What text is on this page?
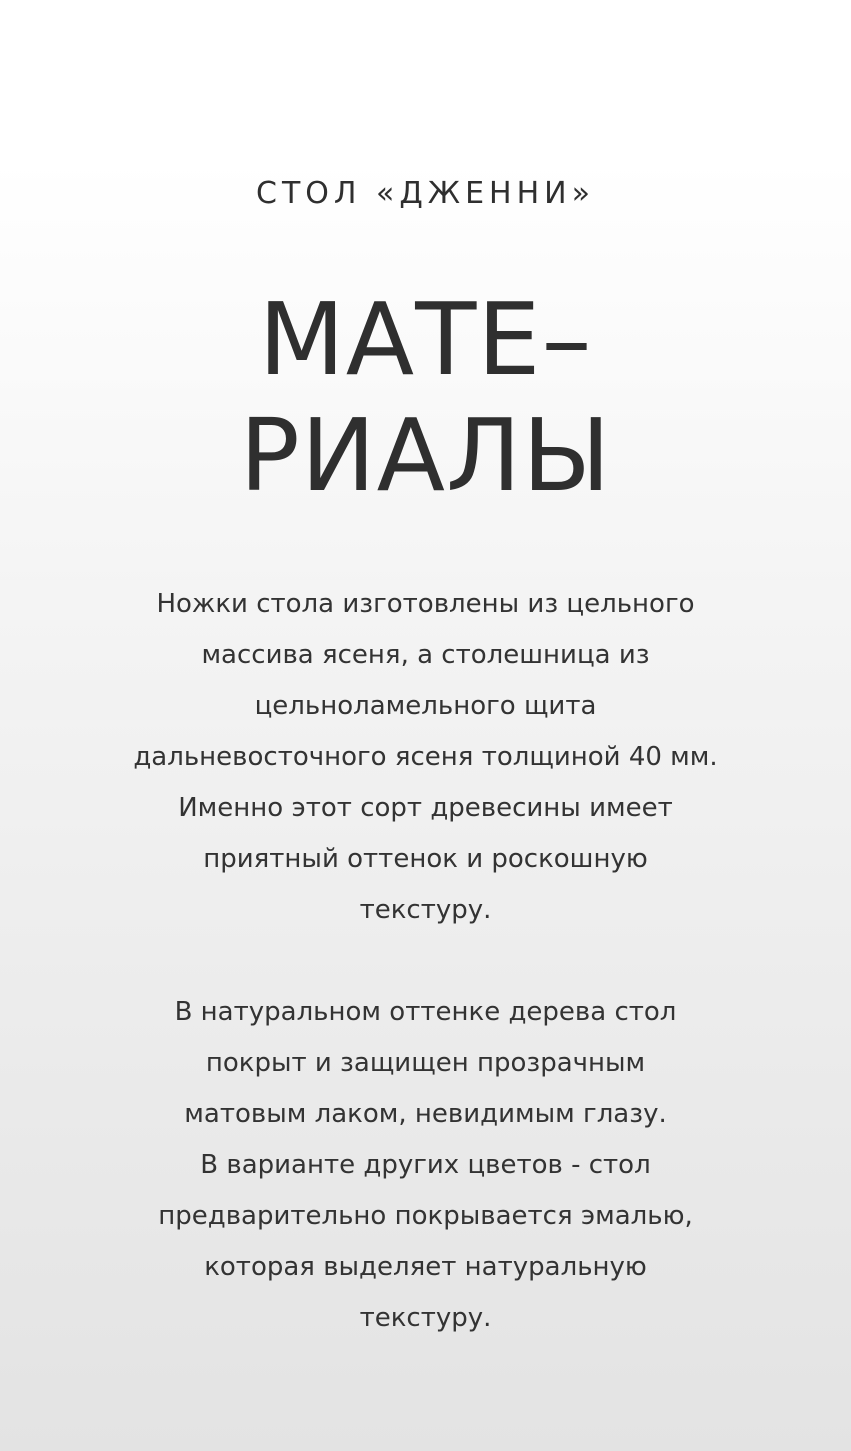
СТОЛ «ДЖЕННИ»
МАТЕ–
РИАЛЫ
Ножки стола изготовлены из цельного
массива ясеня, а столешница из
цельноламельного щита
дальневосточного ясеня толщиной 40 мм.
Именно этот сорт древесины имеет
приятный оттенок и роскошную
текстуру.
В натуральном оттенке дерева стол
покрыт и защищен прозрачным
матовым лаком, невидимым глазу.
В варианте других цветов - стол
предварительно покрывается эмалью,
которая выделяет натуральную
текстуру.
